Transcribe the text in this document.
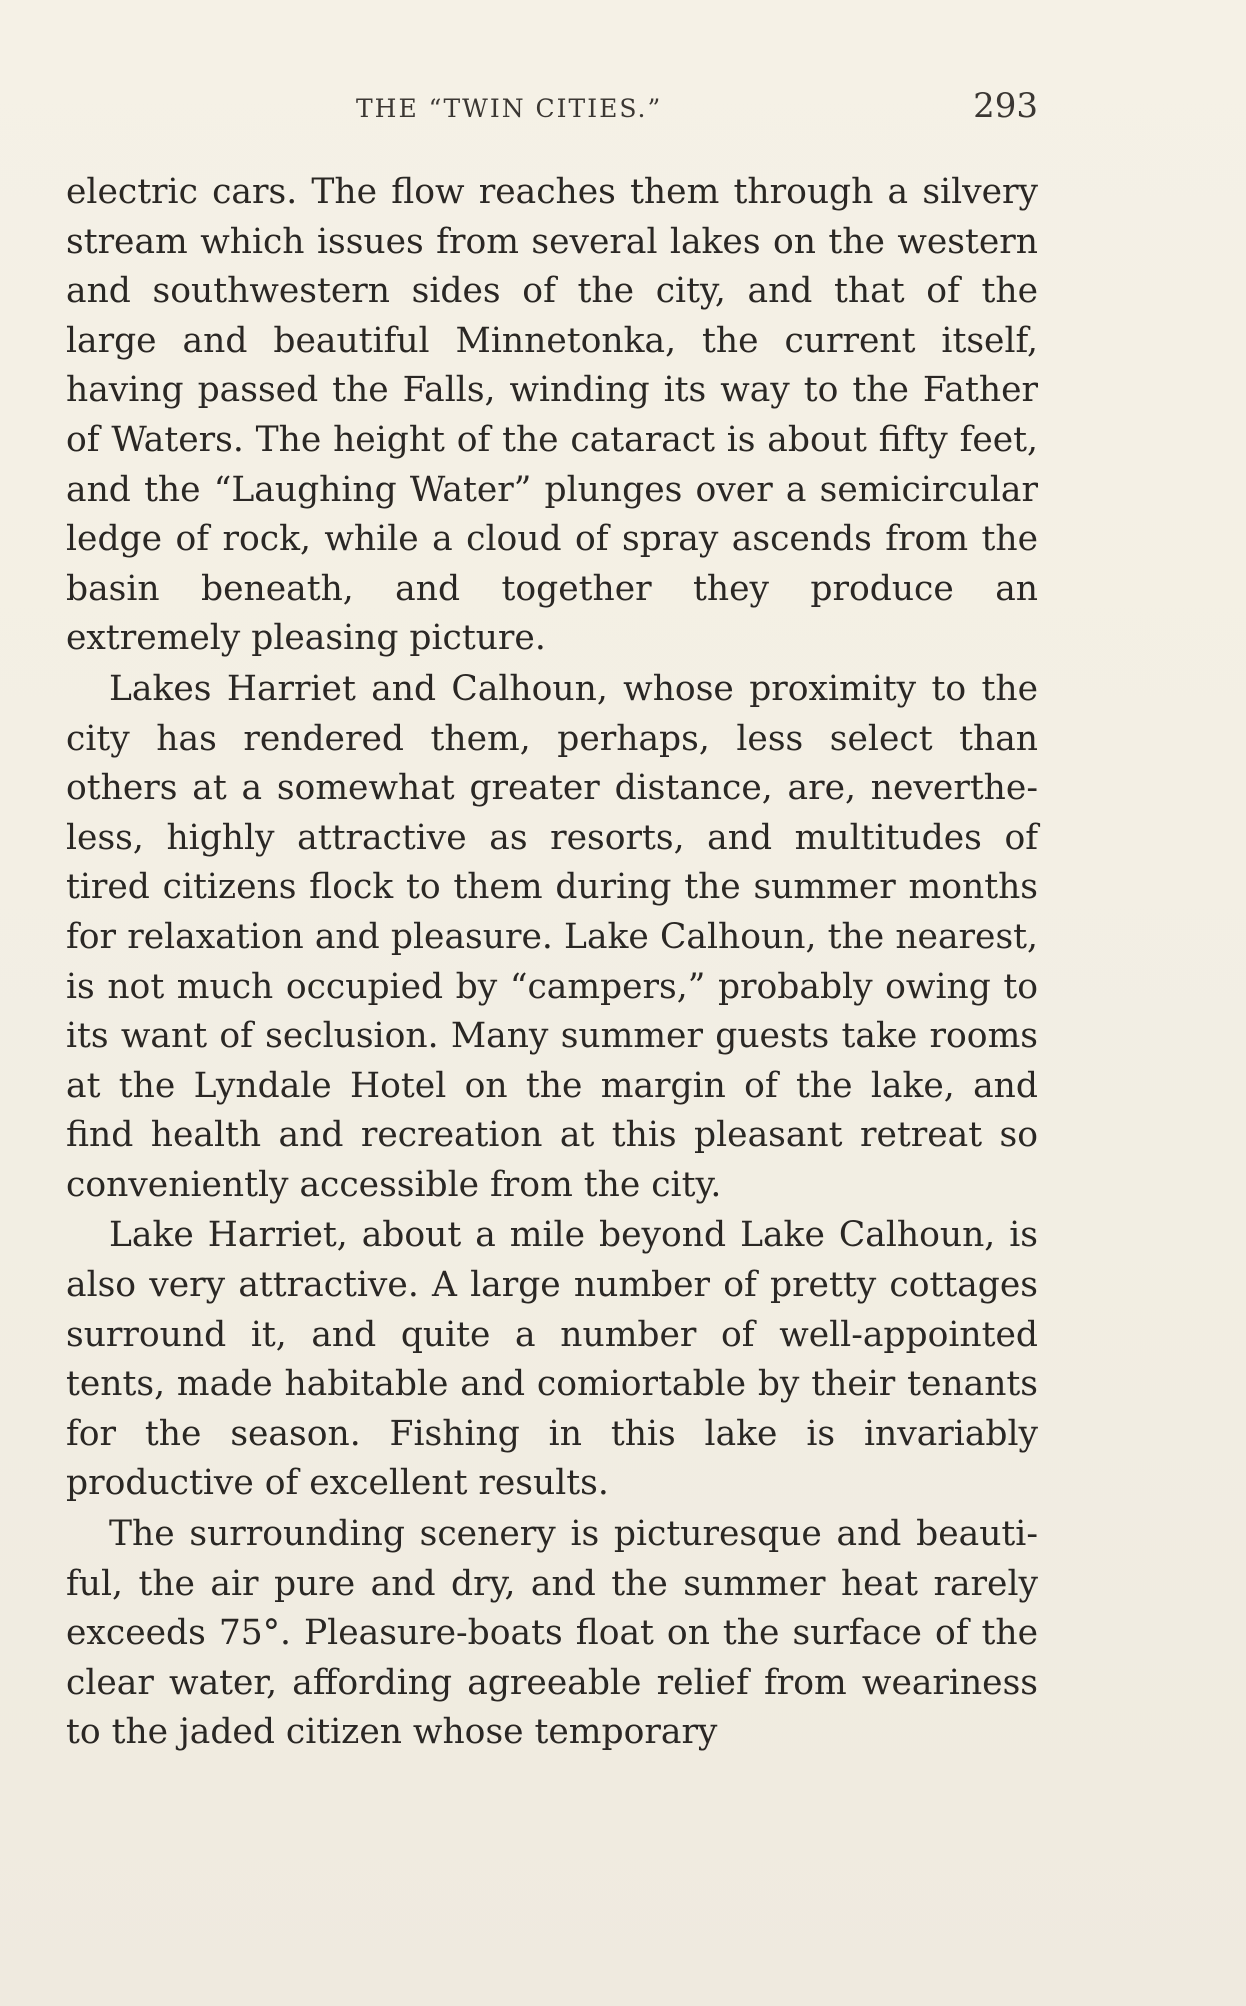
THE “TWIN CITIES.”	293

electric cars. The flow reaches them through a silvery stream which issues from several lakes on the western and southwestern sides of the city, and that of the large and beautiful Minnetonka, the current itself, having passed the Falls, winding its way to the Father of Waters. The height of the cataract is about fifty feet, and the “Laughing Water” plunges over a semicircular ledge of rock, while a cloud of spray ascends from the basin beneath, and together they produce an extremely pleasing picture.

Lakes Harriet and Calhoun, whose proximity to the city has rendered them, perhaps, less select than others at a somewhat greater distance, are, nevertheless, highly attractive as resorts, and multitudes of tired citizens flock to them during the summer months for relaxation and pleasure. Lake Calhoun, the nearest, is not much occupied by “campers,” probably owing to its want of seclusion. Many summer guests take rooms at the Lyndale Hotel on the margin of the lake, and find health and recreation at this pleasant retreat so conveniently accessible from the city.

Lake Harriet, about a mile beyond Lake Calhoun, is also very attractive. A large number of pretty cottages surround it, and quite a number of well-appointed tents, made habitable and comiortable by their tenants for the season. Fishing in this lake is invariably productive of excellent results.

The surrounding scenery is picturesque and beautiful, the air pure and dry, and the summer heat rarely exceeds 75°. Pleasure-boats float on the surface of the clear water, affording agreeable relief from weariness to the jaded citizen whose temporary
